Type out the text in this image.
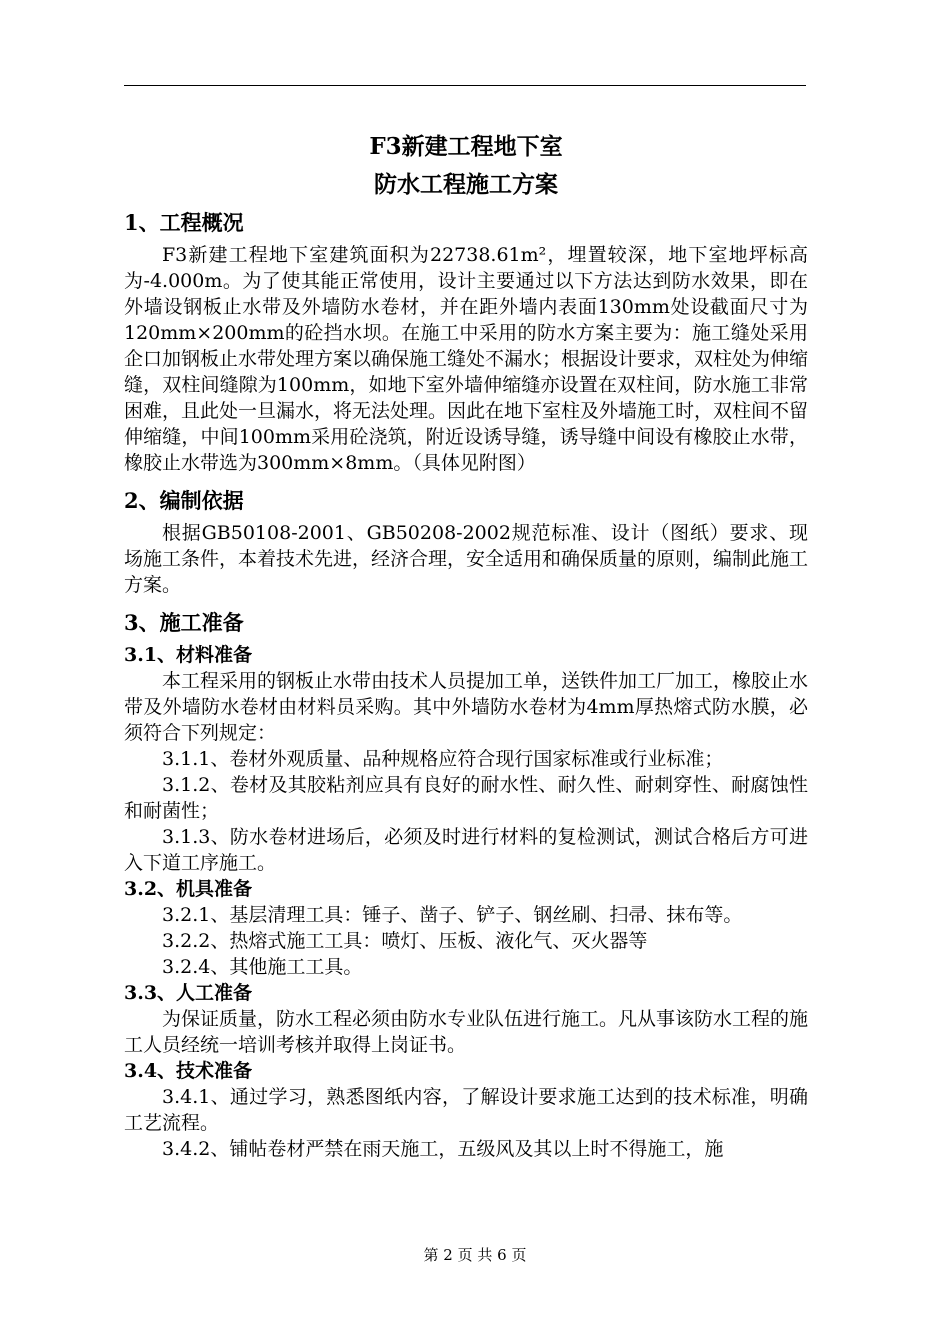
F3新建工程地下室
防水工程施工方案
1、工程概况

F3新建工程地下室建筑面积为22738.61m²，埋置较深，地下室地坪标高为-4.000m。为了使其能正常使用，设计主要通过以下方法达到防水效果，即在外墙设钢板止水带及外墙防水卷材，并在距外墙内表面130mm处设截面尺寸为120mm×200mm的砼挡水坝。在施工中采用的防水方案主要为：施工缝处采用企口加钢板止水带处理方案以确保施工缝处不漏水；根据设计要求，双柱处为伸缩缝，双柱间缝隙为100mm，如地下室外墙伸缩缝亦设置在双柱间，防水施工非常困难，且此处一旦漏水，将无法处理。因此在地下室柱及外墙施工时，双柱间不留伸缩缝，中间100mm采用砼浇筑，附近设诱导缝，诱导缝中间设有橡胶止水带，橡胶止水带选为300mm×8mm。（具体见附图）

2、编制依据

根据GB50108-2001、GB50208-2002规范标准、设计（图纸）要求、现场施工条件，本着技术先进，经济合理，安全适用和确保质量的原则，编制此施工方案。

3、施工准备
3.1、材料准备

本工程采用的钢板止水带由技术人员提加工单，送铁件加工厂加工，橡胶止水带及外墙防水卷材由材料员采购。其中外墙防水卷材为4mm厚热熔式防水膜，必须符合下列规定：

3.1.1、卷材外观质量、品种规格应符合现行国家标准或行业标准；

3.1.2、卷材及其胶粘剂应具有良好的耐水性、耐久性、耐刺穿性、耐腐蚀性和耐菌性；

3.1.3、防水卷材进场后，必须及时进行材料的复检测试，测试合格后方可进入下道工序施工。

3.2、机具准备

3.2.1、基层清理工具：锤子、凿子、铲子、钢丝刷、扫帚、抹布等。

3.2.2、热熔式施工工具：喷灯、压板、液化气、灭火器等

3.2.4、其他施工工具。

3.3、人工准备

为保证质量，防水工程必须由防水专业队伍进行施工。凡从事该防水工程的施工人员经统一培训考核并取得上岗证书。

3.4、技术准备

3.4.1、通过学习，熟悉图纸内容，了解设计要求施工达到的技术标准，明确工艺流程。

3.4.2、铺帖卷材严禁在雨天施工，五级风及其以上时不得施工，施

第 2 页 共 6 页
